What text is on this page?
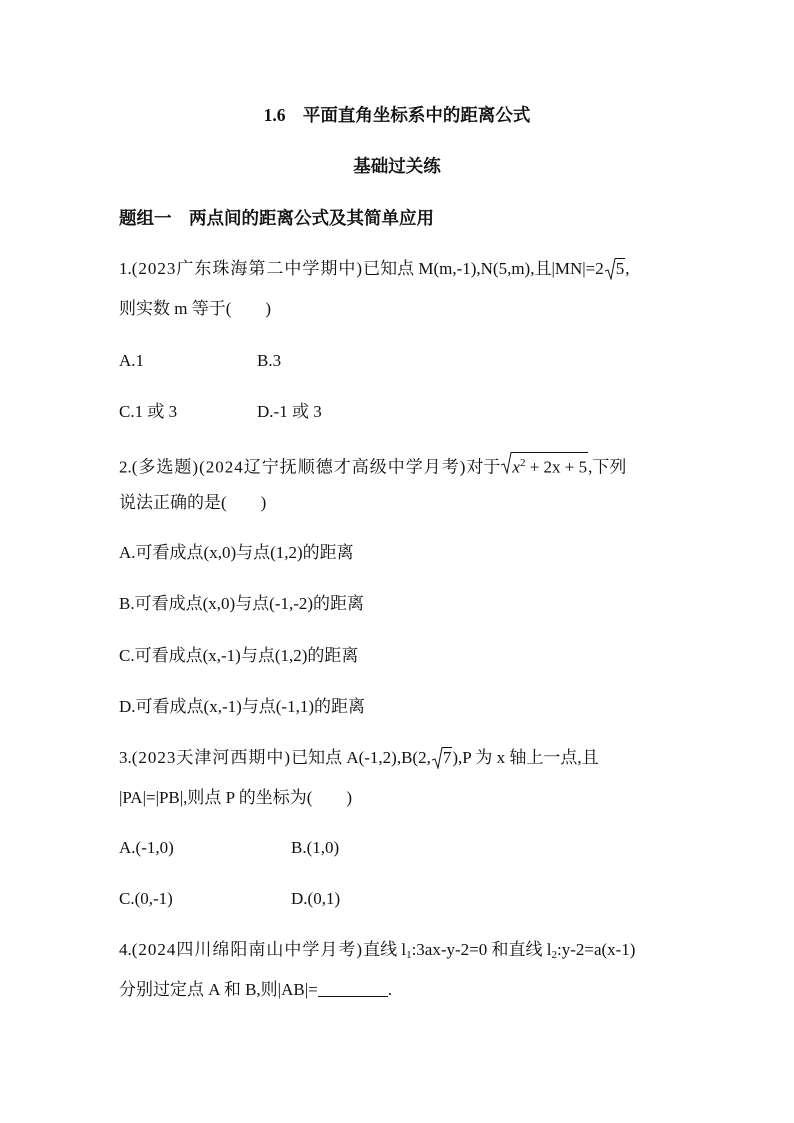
1.6　平面直角坐标系中的距离公式
基础过关练
题组一　两点间的距离公式及其简单应用
1.(2023广东珠海第二中学期中)已知点 M(m,-1),N(5,m),且|MN|=2 5,
则实数 m 等于( )
A.1	B.3
C.1 或 3	D.-1 或 3
2.(多选题)(2024辽宁抚顺德才高级中学月考)对于 $x^2 + 2x + 5$,下列
说法正确的是( )
A.可看成点(x,0)与点(1,2)的距离
B.可看成点(x,0)与点(-1,-2)的距离
C.可看成点(x,-1)与点(1,2)的距离
D.可看成点(x,-1)与点(-1,1)的距离
3.(2023天津河西期中)已知点 A(-1,2),B(2, 7),P 为 x 轴上一点,且
|PA|=|PB|,则点 P 的坐标为( )
A.(-1,0)	B.(1,0)
C.(0,-1)	D.(0,1)
4.(2024四川绵阳南山中学月考)直线 $l_1:3ax-y-2=0$ 和直线 $l_2:y-2=a(x-1)$
分别过定点 A 和 B,则|AB|=	.
